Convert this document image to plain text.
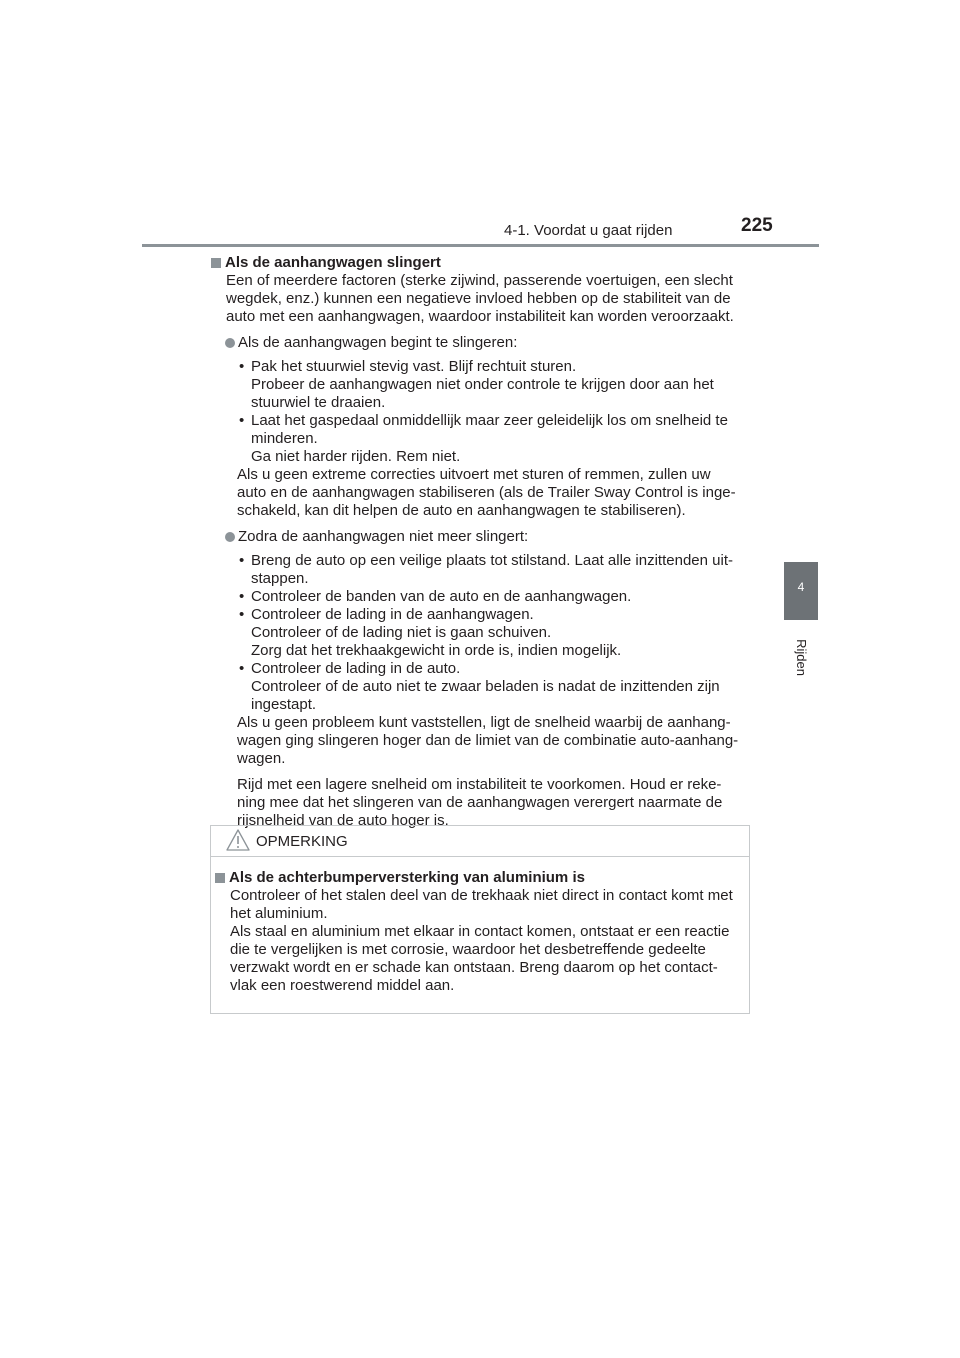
4-1. Voordat u gaat rijden	225
4
Rijden
Als de aanhangwagen slingert
Een of meerdere factoren (sterke zijwind, passerende voertuigen, een slecht
wegdek, enz.) kunnen een negatieve invloed hebben op de stabiliteit van de
auto met een aanhangwagen, waardoor instabiliteit kan worden veroorzaakt.
Als de aanhangwagen begint te slingeren:
• Pak het stuurwiel stevig vast. Blijf rechtuit sturen.
Probeer de aanhangwagen niet onder controle te krijgen door aan het
stuurwiel te draaien.
• Laat het gaspedaal onmiddellijk maar zeer geleidelijk los om snelheid te
minderen.
Ga niet harder rijden. Rem niet.
Als u geen extreme correcties uitvoert met sturen of remmen, zullen uw
auto en de aanhangwagen stabiliseren (als de Trailer Sway Control is inge-
schakeld, kan dit helpen de auto en aanhangwagen te stabiliseren).
Zodra de aanhangwagen niet meer slingert:
• Breng de auto op een veilige plaats tot stilstand. Laat alle inzittenden uit-
stappen.
• Controleer de banden van de auto en de aanhangwagen.
• Controleer de lading in de aanhangwagen.
Controleer of de lading niet is gaan schuiven.
Zorg dat het trekhaakgewicht in orde is, indien mogelijk.
• Controleer de lading in de auto.
Controleer of de auto niet te zwaar beladen is nadat de inzittenden zijn
ingestapt.
Als u geen probleem kunt vaststellen, ligt de snelheid waarbij de aanhang-
wagen ging slingeren hoger dan de limiet van de combinatie auto-aanhang-
wagen.
Rijd met een lagere snelheid om instabiliteit te voorkomen. Houd er reke-
ning mee dat het slingeren van de aanhangwagen verergert naarmate de
rijsnelheid van de auto hoger is.
OPMERKING
Als de achterbumperversterking van aluminium is
Controleer of het stalen deel van de trekhaak niet direct in contact komt met
het aluminium.
Als staal en aluminium met elkaar in contact komen, ontstaat er een reactie
die te vergelijken is met corrosie, waardoor het desbetreffende gedeelte
verzwakt wordt en er schade kan ontstaan. Breng daarom op het contact-
vlak een roestwerend middel aan.
